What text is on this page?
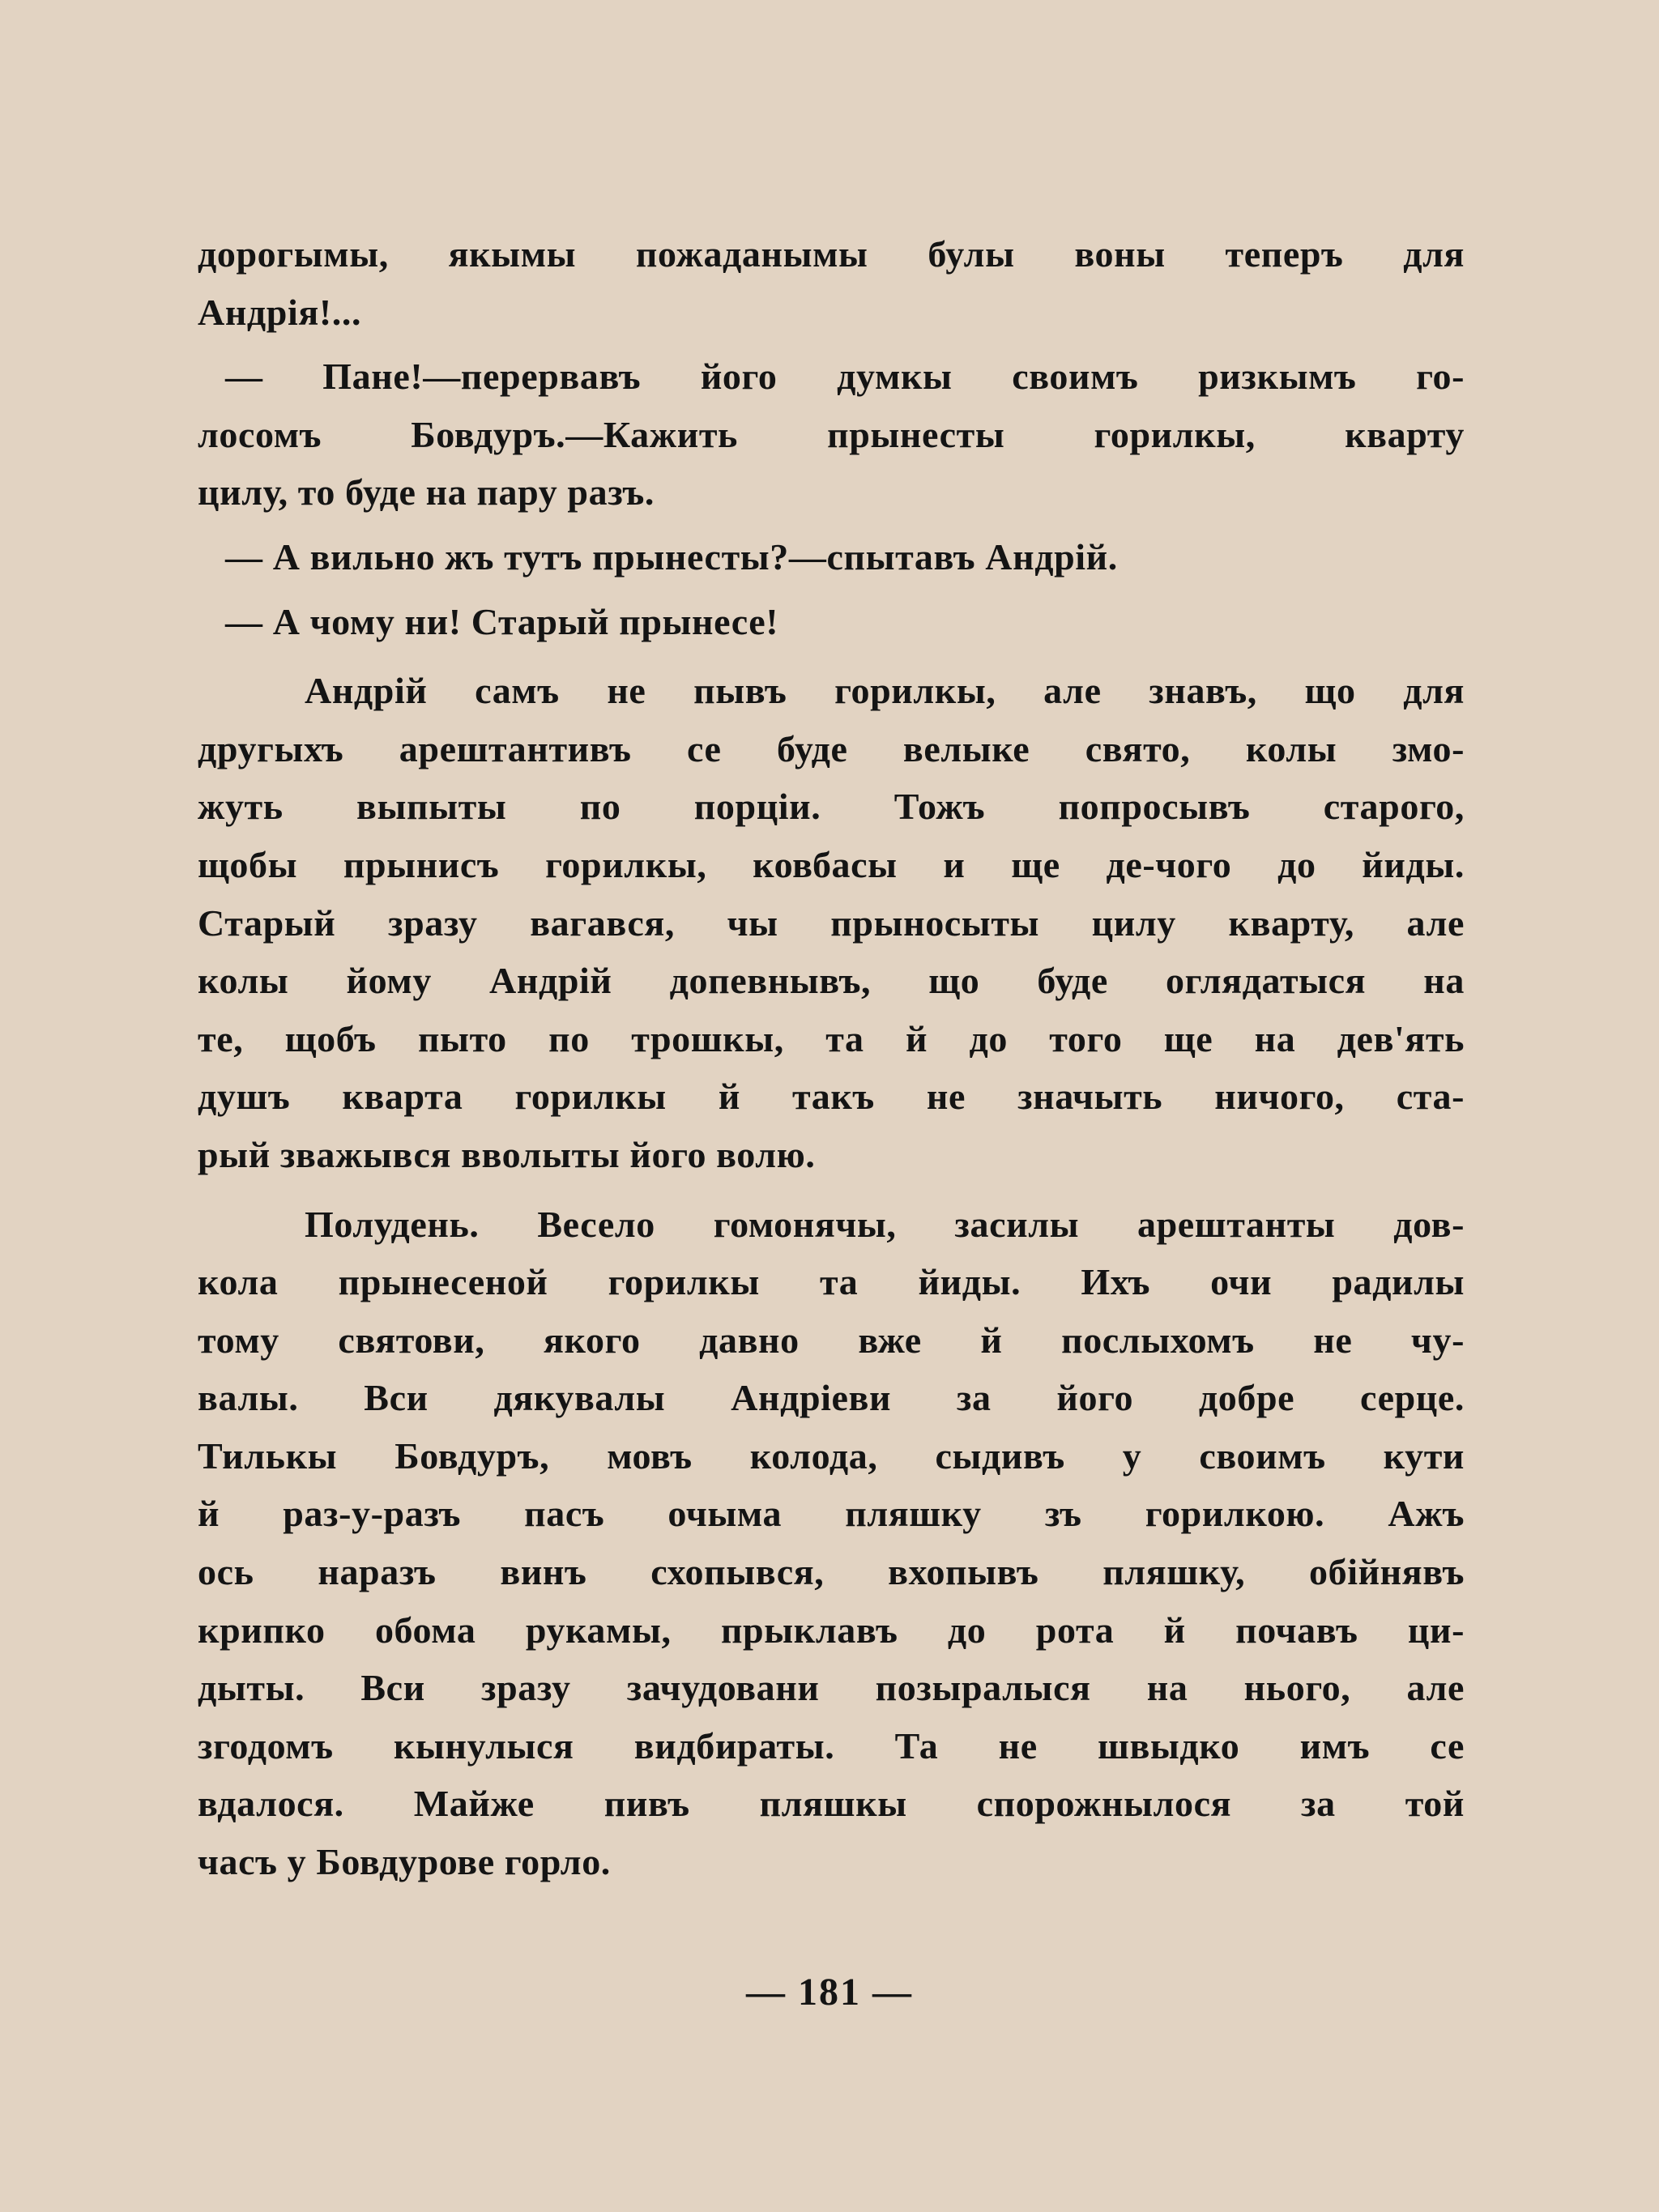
дорогымы, якымы пожаданымы булы воны теперъ для
Андрія!...
— Пане!—перервавъ його думкы своимъ ризкымъ го-
лосомъ Бовдуръ.—Кажить прынесты горилкы, кварту
цилу, то буде на пару разъ.
— А вильно жъ тутъ прынесты?—спытавъ Андрій.
— А чому ни! Старый прынесе!
Андрій самъ не пывъ горилкы, але знавъ, що для
другыхъ арештантивъ се буде велыке свято, колы змо-
жуть выпыты по порціи. Тожъ попросывъ старого,
щобы прынисъ горилкы, ковбасы и ще де-чого до йиды.
Старый зразу вагався, чы прыносыты цилу кварту, але
колы йому Андрій допевнывъ, що буде оглядатыся на
те, щобъ пыто по трошкы, та й до того ще на дев'ять
душъ кварта горилкы й такъ не значыть ничого, ста-
рый зважывся вволыты його волю.
Полудень. Весело гомонячы, засилы арештанты дов-
кола прынесеной горилкы та йиды. Ихъ очи радилы
тому святови, якого давно вже й послыхомъ не чу-
валы. Вси дякувалы Андріеви за його добре серце.
Тилькы Бовдуръ, мовъ колода, сыдивъ у своимъ кути
й раз-у-разъ пасъ очыма пляшку зъ горилкою. Ажъ
ось наразъ винъ схопывся, вхопывъ пляшку, обійнявъ
крипко обома рукамы, прыклавъ до рота й почавъ ци-
дыты. Вси зразу зачудовани позыралыся на нього, але
згодомъ кынулыся видбираты. Та не швыдко имъ се
вдалося. Майже пивъ пляшкы спорожнылося за той
часъ у Бовдурове горло.
— 181 —
